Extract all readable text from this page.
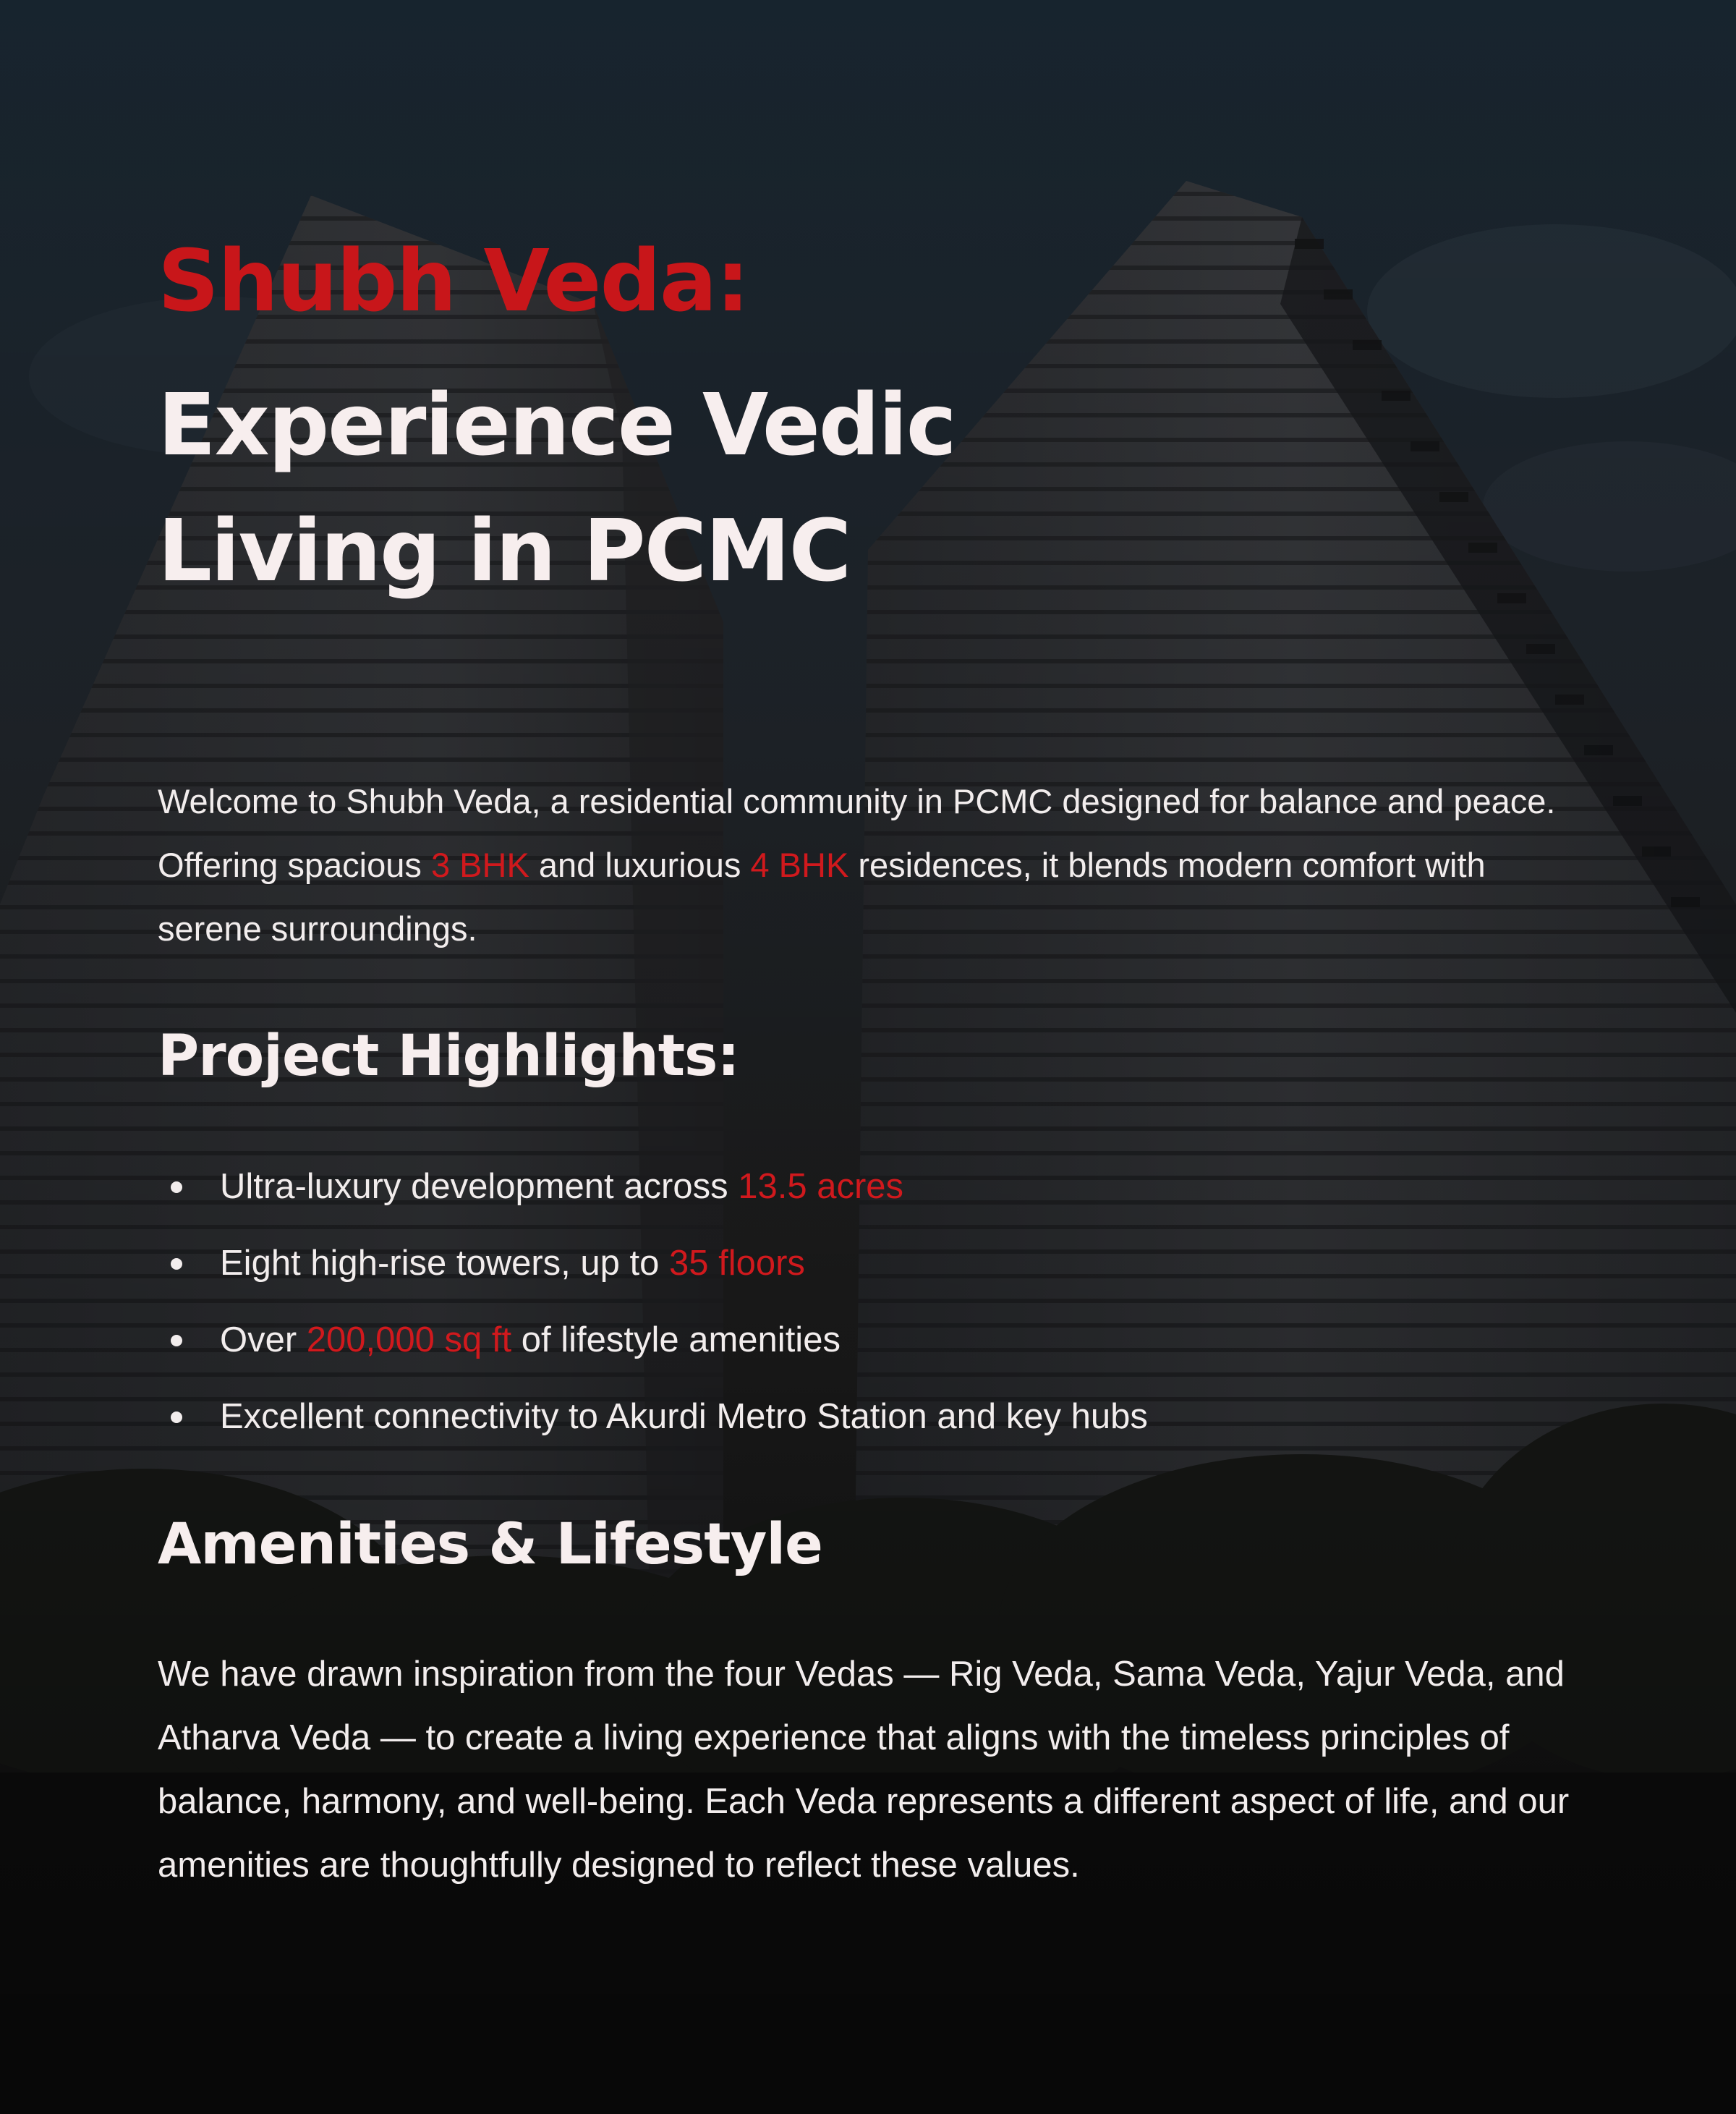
Shubh Veda:
Experience Vedic
Living in PCMC

Welcome to Shubh Veda, a residential community in PCMC designed for balance and peace. Offering spacious 3 BHK and luxurious 4 BHK residences, it blends modern comfort with serene surroundings.

Project Highlights:
Ultra-luxury development across 13.5 acres
Eight high-rise towers, up to 35 floors
Over 200,000 sq ft of lifestyle amenities
Excellent connectivity to Akurdi Metro Station and key hubs
Amenities & Lifestyle

We have drawn inspiration from the four Vedas — Rig Veda, Sama Veda, Yajur Veda, and Atharva Veda — to create a living experience that aligns with the timeless principles of balance, harmony, and well-being. Each Veda represents a different aspect of life, and our amenities are thoughtfully designed to reflect these values.
